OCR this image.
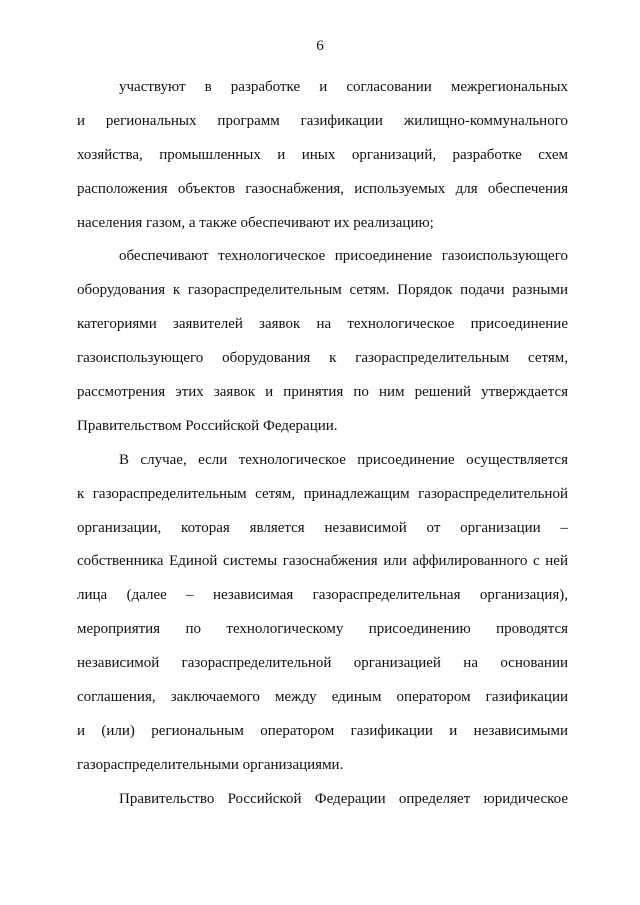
6
участвуют в разработке и согласовании межрегиональных
и региональных программ газификации жилищно-коммунального
хозяйства, промышленных и иных организаций, разработке схем
расположения объектов газоснабжения, используемых для обеспечения
населения газом, а также обеспечивают их реализацию;
обеспечивают технологическое присоединение газоиспользующего
оборудования к газораспределительным сетям. Порядок подачи разными
категориями заявителей заявок на технологическое присоединение
газоиспользующего оборудования к газораспределительным сетям,
рассмотрения этих заявок и принятия по ним решений утверждается
Правительством Российской Федерации.
В случае, если технологическое присоединение осуществляется
к газораспределительным сетям, принадлежащим газораспределительной
организации, которая является независимой от организации –
собственника Единой системы газоснабжения или аффилированного с ней
лица (далее – независимая газораспределительная организация),
мероприятия по технологическому присоединению проводятся
независимой газораспределительной организацией на основании
соглашения, заключаемого между единым оператором газификации
и (или) региональным оператором газификации и независимыми
газораспределительными организациями.
Правительство Российской Федерации определяет юридическое
